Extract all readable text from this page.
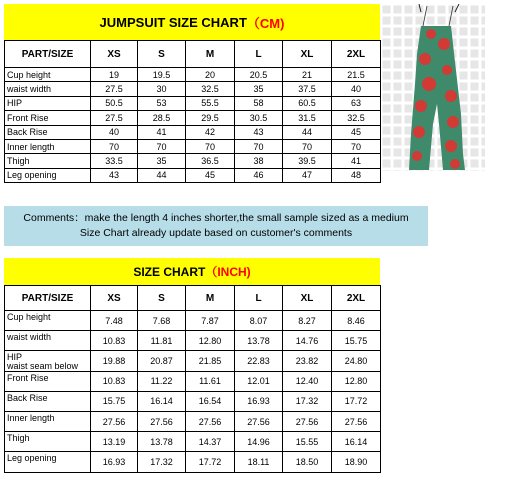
JUMPSUIT SIZE CHART （CM)
PART/SIZE	XS	S	M	L	XL	2XL

Cup height	19	19.5	20	20.5	21	21.5

waist width	27.5	30	32.5	35	37.5	40

HIP	50.5	53	55.5	58	60.5	63

Front Rise	27.5	28.5	29.5	30.5	31.5	32.5

Back Rise	40	41	42	43	44	45

Inner length	70	70	70	70	70	70

Thigh	33.5	35	36.5	38	39.5	41

Leg opening	43	44	45	46	47	48
Comments：make the length 4 inches shorter,the small sample sized as a medium
Size Chart already update based on customer's comments
SIZE CHART （INCH)
PART/SIZE	XS	S	M	L	XL	2XL

Cup height	7.48	7.68	7.87	8.07	8.27	8.46

waist width	10.83	11.81	12.80	13.78	14.76	15.75

HIP
waist seam below	19.88	20.87	21.85	22.83	23.82	24.80

Front Rise	10.83	11.22	11.61	12.01	12.40	12.80

Back Rise	15.75	16.14	16.54	16.93	17.32	17.72

Inner length	27.56	27.56	27.56	27.56	27.56	27.56

Thigh	13.19	13.78	14.37	14.96	15.55	16.14

Leg opening	16.93	17.32	17.72	18.11	18.50	18.90
